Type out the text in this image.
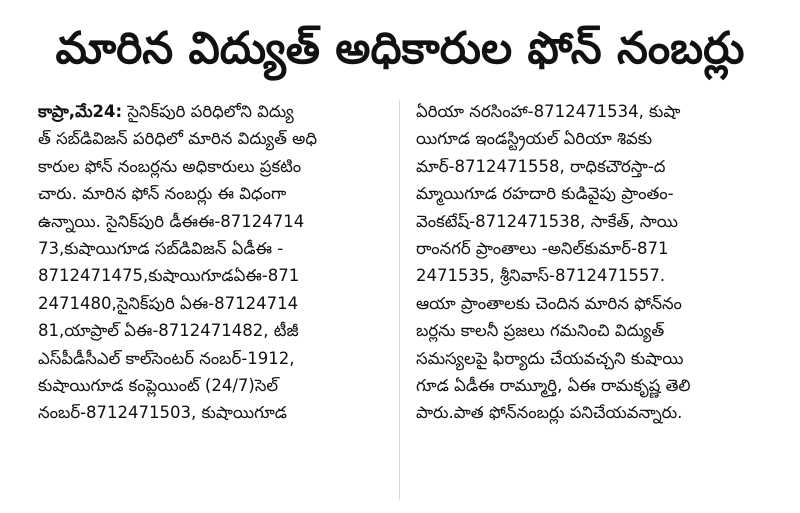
మారిన విద్యుత్‌ అధికారుల ఫోన్‌ నంబర్లు
కాప్రా,మే24: సైనిక్‌పురి పరిధిలోని విద్యు
త్‌ సబ్‌డివిజన్‌ పరిధిలో మారిన విద్యుత్‌ అధి
కారుల ఫోన్‌ నంబర్లను అధికారులు ప్రకటిం
చారు. మారిన ఫోన్‌ నంబర్లు ఈ విధంగా
ఉన్నాయి. సైనిక్‌పురి డీఈఈ-87124714
73,కుషాయిగూడ సబ్‌డివిజన్‌ ఏడీఈ -
8712471475,కుషాయిగూడఏఈ-871
2471480,సైనిక్‌పురి ఏఈ-87124714
81,యాప్రాల్‌ ఏఈ-8712471482, టీజీ
ఎస్‌పీడీసీఎల్‌ కాల్‌సెంటర్‌ నంబర్‌-1912,
కుషాయిగూడ కంప్లెయింట్‌ (24/7)సెల్‌
నంబర్‌-8712471503, కుషాయిగూడ
ఏరియా నరసింహా-8712471534, కుషా
యిగూడ ఇండస్ట్రియల్‌ ఏరియా శివకు
మార్‌-8712471558, రాధికచౌరస్తా-ద
మ్మాయిగూడ రహదారి కుడివైపు ప్రాంతం-
వెంకటేష్‌-8712471538, సాకేత్‌, సాయి
రాంనగర్‌ ప్రాంతాలు -అనిల్‌కుమార్‌-871
2471535, శ్రీనివాస్‌-8712471557.
ఆయా ప్రాంతాలకు చెందిన మారిన ఫోన్‌నం
బర్లను కాలనీ ప్రజలు గమనించి విద్యుత్‌
సమస్యలపై ఫిర్యాదు చేయవచ్చని కుషాయి
గూడ ఏడీఈ రామ్మూర్తి, ఏఈ రామకృష్ణ తెలి
పారు.పాత ఫోన్‌నంబర్లు పనిచేయవన్నారు.
